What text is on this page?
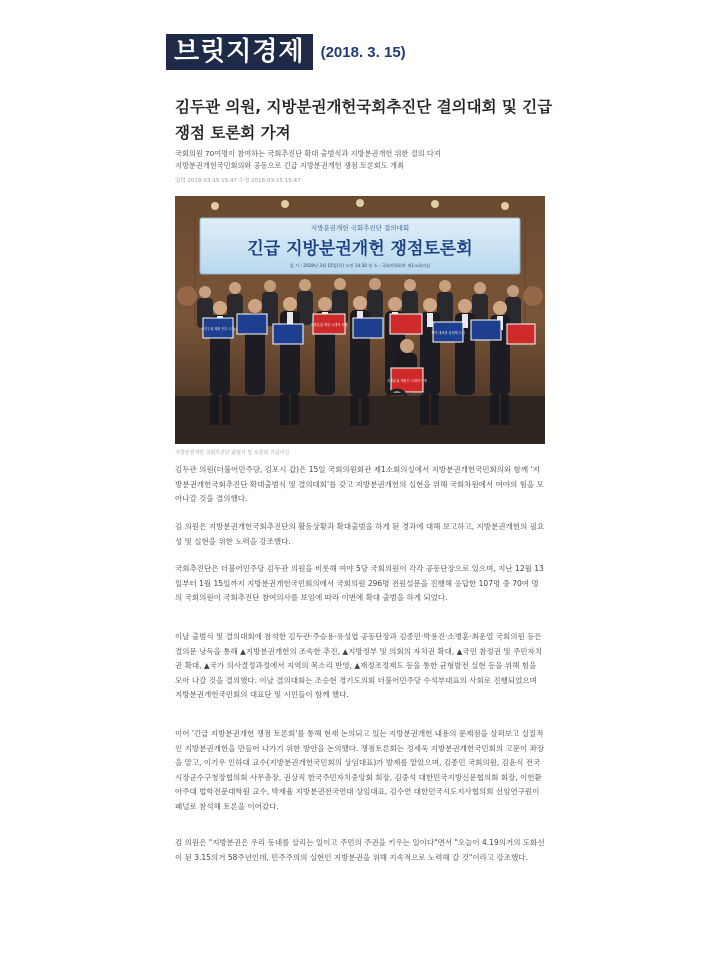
브릿지경제	(2018. 3. 15)
김두관 의원, 지방분권개헌국회추진단 결의대회 및 긴급 쟁점 토론회 가져
국회의원 70여명이 참여하는 국회추진단 확대 출범식과 지방분권개헌 위한 결의 다져
지방분권개헌국민회의와 공동으로 긴급 지방분권개헌 쟁점 토론회도 개최
입력 2018-03-15 15:47 수정 2018-03-15 15:47
지방분권개헌 국회추진단 결의대회
긴급 지방분권개헌 쟁점토론회
일 시 : 2018년 3월 15일(목) 오전 10:30 장 소 : 국회의원회관 제1소회의실
국민주권 제왕 헌주 도입
지방분권 개헌 시대적 사명
지역 대표형 상원제 도입
지방분권 개헌은 시대적 사명
지방분권개헌 국회추진단 출범식 및 토론회 기념사진

김두관 의원(더불어민주당, 김포시 갑)은 15일 국회의원회관 제1소회의실에서 지방분권개헌국민회의와 함께 '지방분권개헌국회추진단 확대출범식 및 결의대회'를 갖고 지방분권개헌의 실현을 위해 국회차원에서 여야의 힘을 모아나갈 것을 결의했다.

김 의원은 지방분권개헌국회추진단의 활동상황과 확대출범을 하게 된 경과에 대해 보고하고, 지방분권개헌의 필요성 및 실현을 위한 노력을 강조했다.

국회추진단은 더불어민주당 김두관 의원을 비롯해 여야 5당 국회의원이 각각 공동단장으로 있으며, 지난 12월 13일부터 1월 15일까지 지방분권개헌국민회의에서 국회의원 296명 전원설문을 진행해 응답한 107명 중 70여 명의 국회의원이 국회추진단 참여의사를 보임에 따라 이번에 확대 출범을 하게 되었다.

이날 출범식 및 결의대회에 참석한 김두관·주승용·유성엽 공동단장과 김종민·박용진·소병훈·최운열 국회의원 등은 결의문 낭독을 통해 ▲지방분권개헌의 조속한 추진, ▲지방정부 및 의회의 자치권 확대, ▲국민 참정권 및 주민자치권 확대, ▲국가 의사결정과정에서 지역의 목소리 반영, ▲재정조정제도 등을 통한 균형발전 실현 등을 위해 힘을 모아 나갈 것을 결의했다. 이날 결의대회는 조승현 경기도의회 더불어민주당 수석부대표의 사회로 진행되었으며 지방분권개헌국민회의 대표단 및 시민들이 함께 했다.

이어 '긴급 지방분권개헌 쟁점 토론회'를 통해 현재 논의되고 있는 지방분권개헌 내용의 문제점을 살펴보고 실질적인 지방분권개헌을 만들어 나가기 위한 방안을 논의했다. 쟁점토론회는 정세욱 지방분권개헌국민회의 고문이 좌장을 맡고, 이기우 인하대 교수(지방분권개헌국민회의 상임대표)가 발제를 맡았으며, 김종민 국회의원, 김윤식 전국시장군수구청장협의회 사무총장, 권상직 한국주민자치중앙회 회장, 김중석 대한민국지방신문협의회 회장, 이헌환 아주대 법학전문대학원 교수, 박재율 지방분권전국연대 상임대표, 김수연 대한민국시도지사협의회 선임연구원이 패널로 참석해 토론을 이어갔다.

김 의원은 "지방분권은 우리 동네를 살리는 일이고 주민의 주권을 키우는 일이다"면서 "오늘이 4.19의거의 도화선이 된 3.15의거 58주년인데, 민주주의의 실현인 지방분권을 위해 지속적으로 노력해 갈 것"이라고 강조했다.
